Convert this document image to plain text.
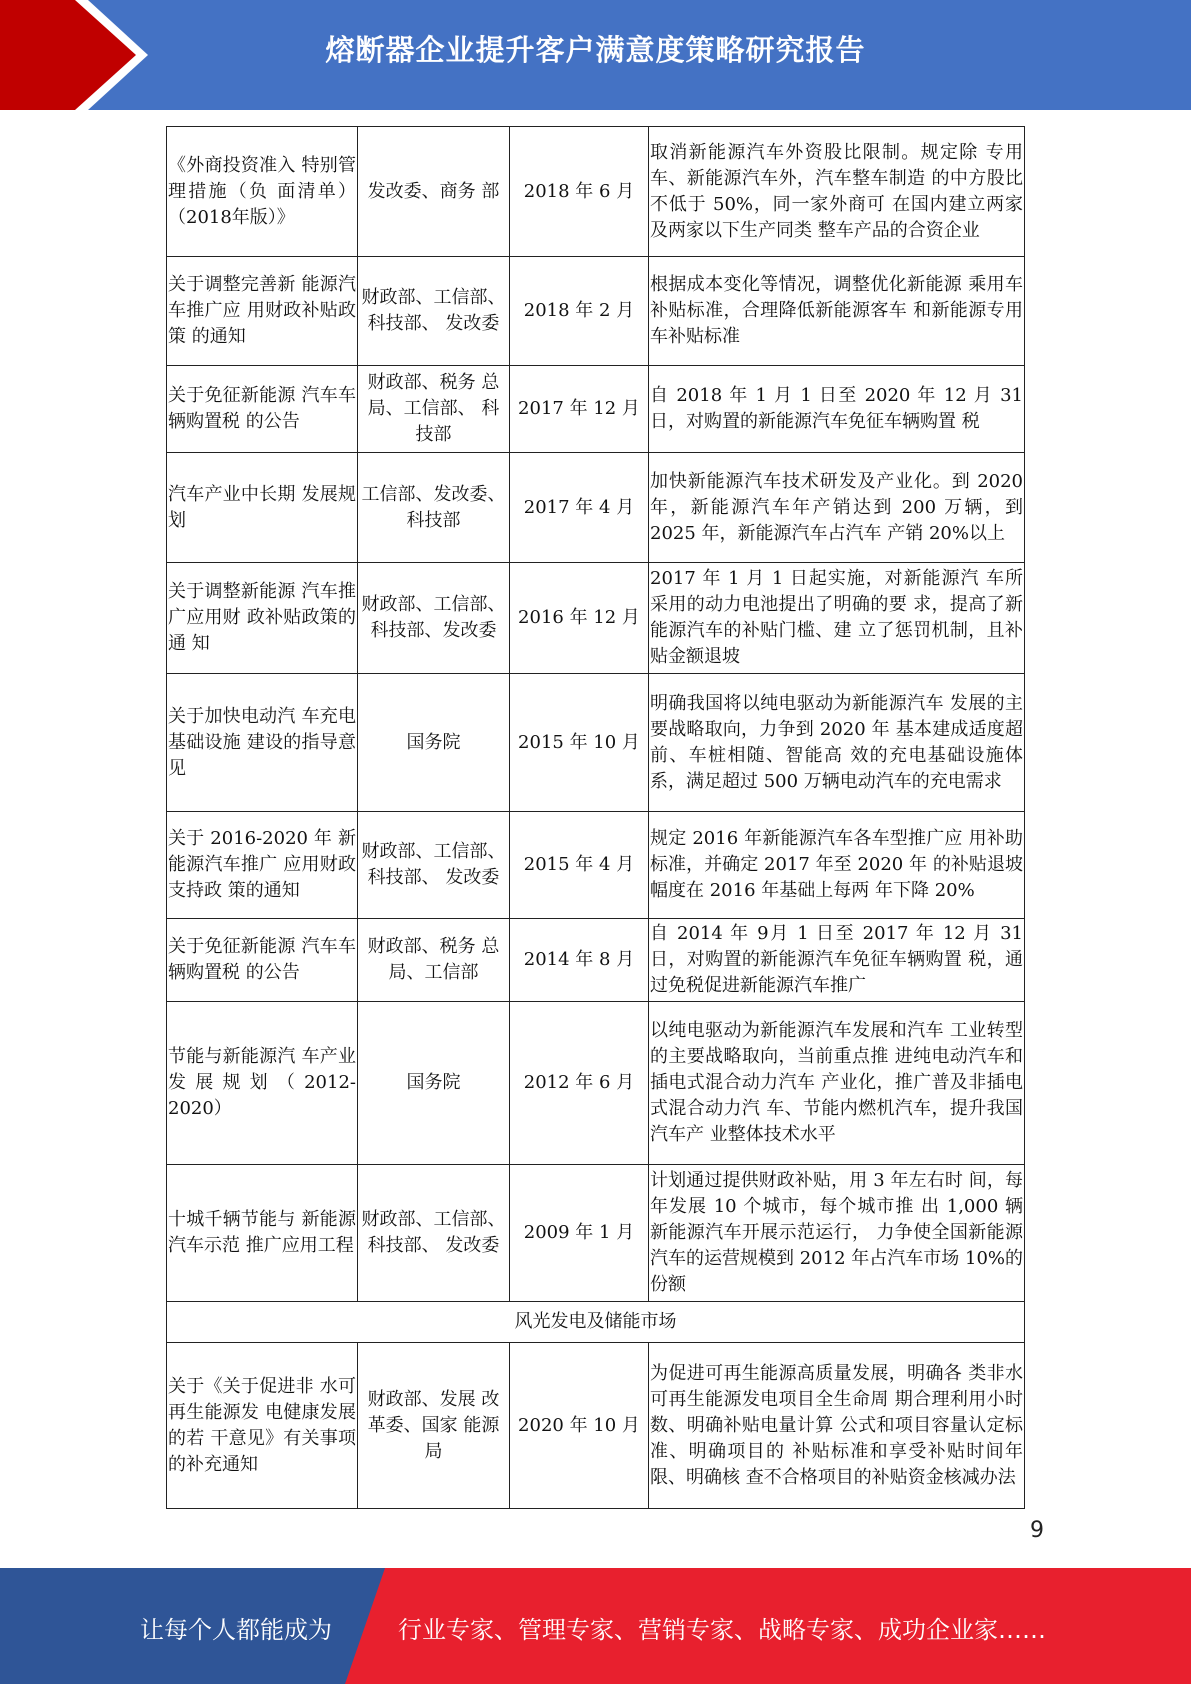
熔断器企业提升客户满意度策略研究报告
《外商投资准入 特别管理措施（负 面清单）（2018年版）》	发改委、商务 部	2018 年 6 月	取消新能源汽车外资股比限制。规定除 专用车、新能源汽车外，汽车整车制造 的中方股比不低于 50%，同一家外商可 在国内建立两家及两家以下生产同类 整车产品的合资企业
关于调整完善新 能源汽车推广应 用财政补贴政策 的通知	财政部、工信部、科技部、 发改委	2018 年 2 月	根据成本变化等情况，调整优化新能源 乘用车补贴标准，合理降低新能源客车 和新能源专用车补贴标准
关于免征新能源 汽车车辆购置税 的公告	财政部、税务 总局、工信部、 科技部	2017 年 12 月	自 2018 年 1 月 1 日至 2020 年 12 月 31 日，对购置的新能源汽车免征车辆购置 税
汽车产业中长期 发展规划	工信部、发改委、科技部	2017 年 4 月	加快新能源汽车技术研发及产业化。到 2020 年，新能源汽车年产销达到 200 万辆，到 2025 年，新能源汽车占汽车 产销 20%以上
关于调整新能源 汽车推广应用财 政补贴政策的通 知	财政部、工信部、科技部、发改委	2016 年 12 月	2017 年 1 月 1 日起实施，对新能源汽 车所采用的动力电池提出了明确的要 求，提高了新能源汽车的补贴门槛、建 立了惩罚机制，且补贴金额退坡
关于加快电动汽 车充电基础设施 建设的指导意见	国务院	2015 年 10 月	明确我国将以纯电驱动为新能源汽车 发展的主要战略取向，力争到 2020 年 基本建成适度超前、车桩相随、智能高 效的充电基础设施体系，满足超过 500 万辆电动汽车的充电需求
关于 2016-2020 年 新能源汽车推广 应用财政支持政 策的通知	财政部、工信部、科技部、 发改委	2015 年 4 月	规定 2016 年新能源汽车各车型推广应 用补助标准，并确定 2017 年至 2020 年 的补贴退坡幅度在 2016 年基础上每两 年下降 20%
关于免征新能源 汽车车辆购置税 的公告	财政部、税务 总局、工信部	2014 年 8 月	自 2014 年 9月 1 日至 2017 年 12 月 31 日，对购置的新能源汽车免征车辆购置 税，通过免税促进新能源汽车推广
节能与新能源汽 车产业发展规划（2012-2020）	国务院	2012 年 6 月	以纯电驱动为新能源汽车发展和汽车 工业转型的主要战略取向，当前重点推 进纯电动汽车和插电式混合动力汽车 产业化，推广普及非插电式混合动力汽 车、节能内燃机汽车，提升我国汽车产 业整体技术水平
十城千辆节能与 新能源汽车示范 推广应用工程	财政部、工信部、科技部、 发改委	2009 年 1 月	计划通过提供财政补贴，用 3 年左右时 间，每年发展 10 个城市，每个城市推 出 1,000 辆新能源汽车开展示范运行， 力争使全国新能源汽车的运营规模到 2012 年占汽车市场 10%的份额
风光发电及储能市场			
关于《关于促进非 水可再生能源发 电健康发展的若 干意见》有关事项 的补充通知	财政部、发展 改革委、国家 能源局	2020 年 10 月	为促进可再生能源高质量发展，明确各 类非水可再生能源发电项目全生命周 期合理利用小时数、明确补贴电量计算 公式和项目容量认定标准、明确项目的 补贴标准和享受补贴时间年限、明确核 查不合格项目的补贴资金核减办法
9
让每个人都能成为	行业专家、管理专家、营销专家、战略专家、成功企业家……
